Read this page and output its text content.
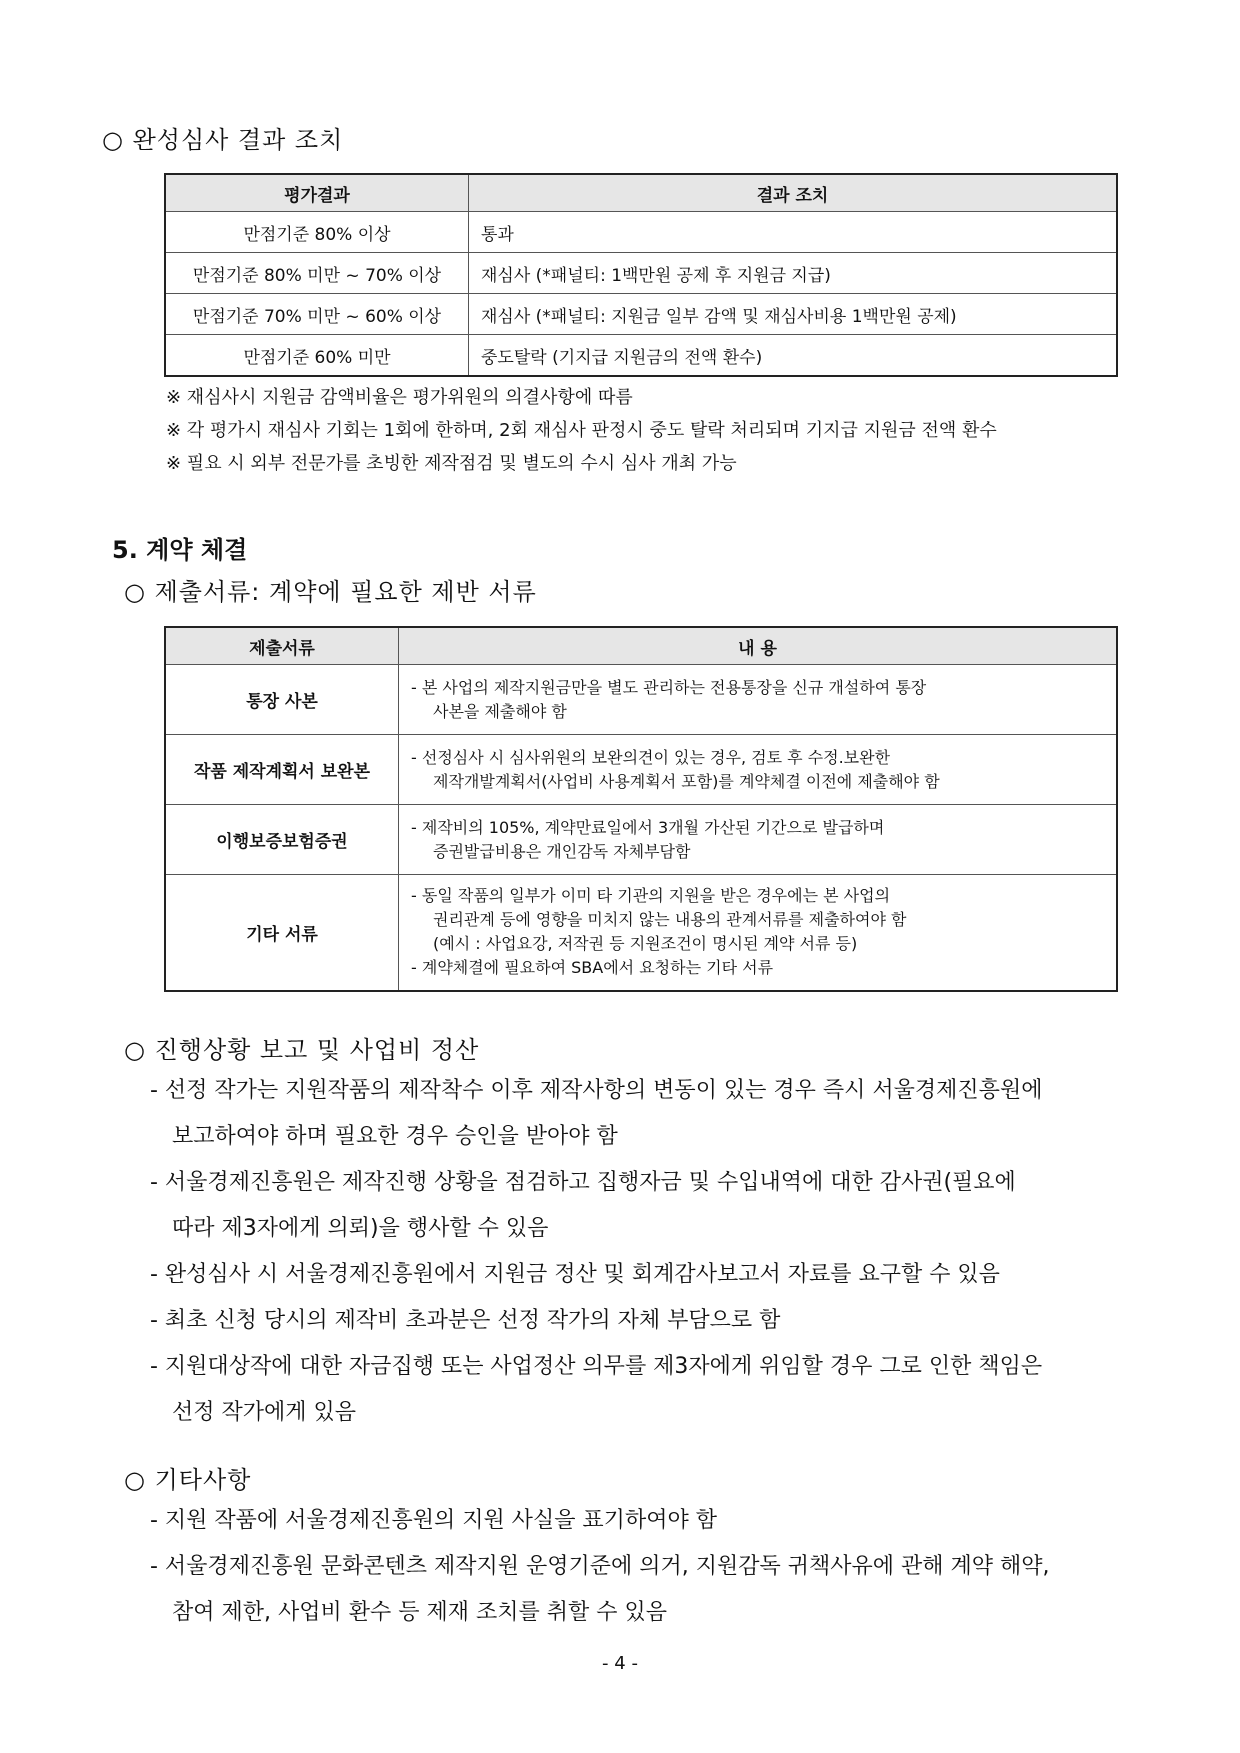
○ 완성심사 결과 조치
평가결과	결과 조치
만점기준 80% 이상	통과
만점기준 80% 미만 ~ 70% 이상	재심사 (*패널티: 1백만원 공제 후 지원금 지급)
만점기준 70% 미만 ~ 60% 이상	재심사 (*패널티: 지원금 일부 감액 및 재심사비용 1백만원 공제)
만점기준 60% 미만	중도탈락 (기지급 지원금의 전액 환수)
※ 재심사시 지원금 감액비율은 평가위원의 의결사항에 따름
※ 각 평가시 재심사 기회는 1회에 한하며, 2회 재심사 판정시 중도 탈락 처리되며 기지급 지원금 전액 환수
※ 필요 시 외부 전문가를 초빙한 제작점검 및 별도의 수시 심사 개최 가능
5. 계약 체결
○ 제출서류: 계약에 필요한 제반 서류
제출서류	내 용
통장 사본	- 본 사업의 제작지원금만을 별도 관리하는 전용통장을 신규 개설하여 통장
사본을 제출해야 함

작품 제작계획서 보완본	- 선정심사 시 심사위원의 보완의견이 있는 경우, 검토 후 수정.보완한
제작개발계획서(사업비 사용계획서 포함)를 계약체결 이전에 제출해야 함

이행보증보험증권	- 제작비의 105%, 계약만료일에서 3개월 가산된 기간으로 발급하며
증권발급비용은 개인감독 자체부담함

기타 서류	- 동일 작품의 일부가 이미 타 기관의 지원을 받은 경우에는 본 사업의
권리관계 등에 영향을 미치지 않는 내용의 관계서류를 제출하여야 함
(예시 : 사업요강, 저작권 등 지원조건이 명시된 계약 서류 등)
- 계약체결에 필요하여 SBA에서 요청하는 기타 서류
○ 진행상황 보고 및 사업비 정산
- 선정 작가는 지원작품의 제작착수 이후 제작사항의 변동이 있는 경우 즉시 서울경제진흥원에
보고하여야 하며 필요한 경우 승인을 받아야 함
- 서울경제진흥원은 제작진행 상황을 점검하고 집행자금 및 수입내역에 대한 감사권(필요에
따라 제3자에게 의뢰)을 행사할 수 있음
- 완성심사 시 서울경제진흥원에서 지원금 정산 및 회계감사보고서 자료를 요구할 수 있음
- 최초 신청 당시의 제작비 초과분은 선정 작가의 자체 부담으로 함
- 지원대상작에 대한 자금집행 또는 사업정산 의무를 제3자에게 위임할 경우 그로 인한 책임은
선정 작가에게 있음
○ 기타사항
- 지원 작품에 서울경제진흥원의 지원 사실을 표기하여야 함
- 서울경제진흥원 문화콘텐츠 제작지원 운영기준에 의거, 지원감독 귀책사유에 관해 계약 해약,
참여 제한, 사업비 환수 등 제재 조치를 취할 수 있음
- 4 -
